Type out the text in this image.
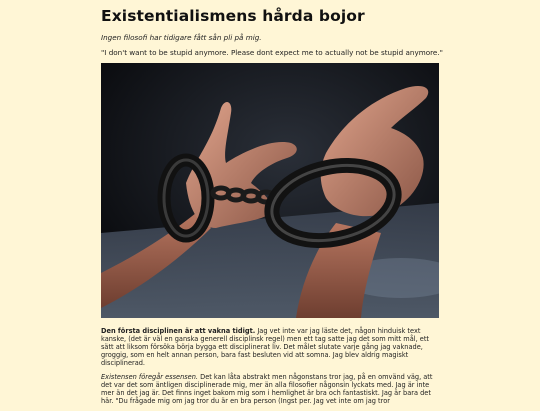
Existentialismens hårda bojor

Ingen filosofi har tidigare fått sån pli på mig.

"I don't want to be stupid anymore. Please dont expect me to actually not be stupid anymore."

Den första disciplinen är att vakna tidigt. Jag vet inte var jag läste det, någon hinduisk text kanske, (det är väl en ganska generell disciplinsk regel) men ett tag satte jag det som mitt mål, ett sätt att liksom försöka börja bygga ett disciplinerat liv. Det målet slutate varje gång jag vaknade, groggig, som en helt annan person, bara fast besluten vid att somna. Jag blev aldrig magiskt disciplinerad.

Existensen föregår essensen. Det kan låta abstrakt men någonstans tror jag, på en omvänd väg, att det var det som äntligen disciplinerade mig, mer än alla filosofier någonsin lyckats med. Jag är inte mer än det jag är. Det finns inget bakom mig som i hemlighet är bra och fantastiskt. Jag är bara det här. "Du frågade mig om jag tror du är en bra person (Ingst per. Jag vet inte om jag tror
